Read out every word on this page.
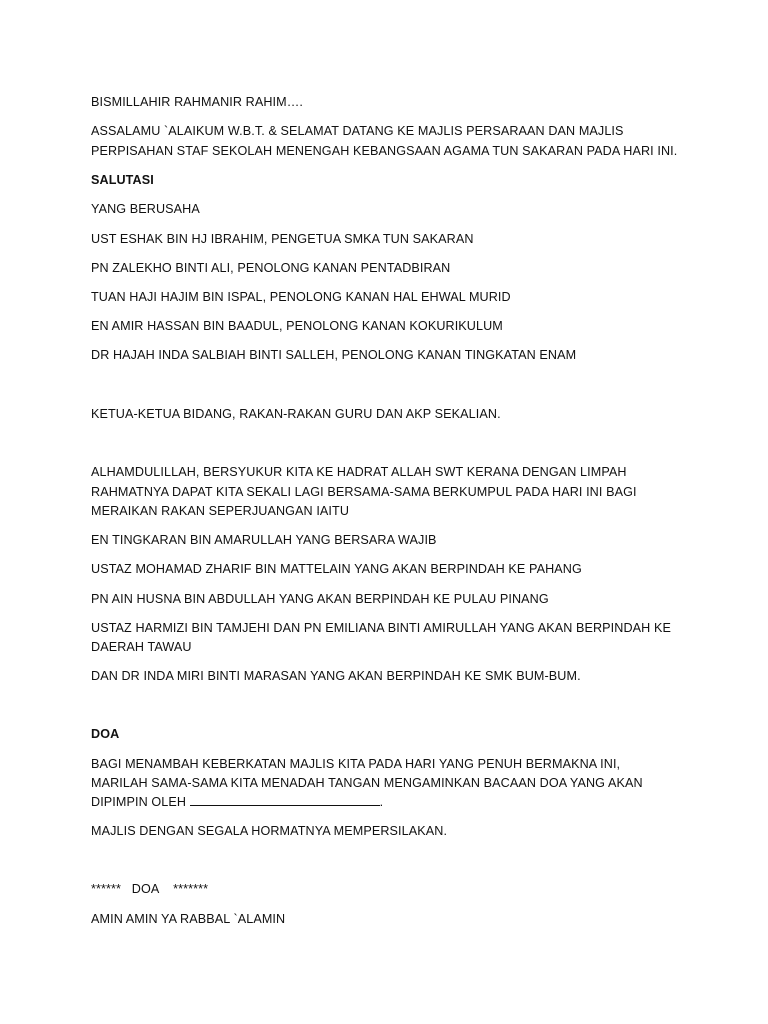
BISMILLAHIR RAHMANIR RAHIM….

ASSALAMU `ALAIKUM W.B.T. & SELAMAT DATANG KE MAJLIS PERSARAAN DAN MAJLIS

PERPISAHAN STAF SEKOLAH MENENGAH KEBANGSAAN AGAMA TUN SAKARAN PADA HARI INI.

SALUTASI

YANG BERUSAHA

UST ESHAK BIN HJ IBRAHIM, PENGETUA SMKA TUN SAKARAN

PN ZALEKHO BINTI ALI, PENOLONG KANAN PENTADBIRAN

TUAN HAJI HAJIM BIN ISPAL, PENOLONG KANAN HAL EHWAL MURID

EN AMIR HASSAN BIN BAADUL, PENOLONG KANAN KOKURIKULUM

DR HAJAH INDA SALBIAH BINTI SALLEH, PENOLONG KANAN TINGKATAN ENAM

KETUA-KETUA BIDANG, RAKAN-RAKAN GURU DAN AKP SEKALIAN.

ALHAMDULILLAH, BERSYUKUR KITA KE HADRAT ALLAH SWT KERANA DENGAN LIMPAH

RAHMATNYA DAPAT KITA SEKALI LAGI BERSAMA-SAMA BERKUMPUL PADA HARI INI BAGI

MERAIKAN RAKAN SEPERJUANGAN IAITU

EN TINGKARAN BIN AMARULLAH YANG BERSARA WAJIB

USTAZ MOHAMAD ZHARIF BIN MATTELAIN YANG AKAN BERPINDAH KE PAHANG

PN AIN HUSNA BIN ABDULLAH YANG AKAN BERPINDAH KE PULAU PINANG

USTAZ HARMIZI BIN TAMJEHI DAN PN EMILIANA BINTI AMIRULLAH YANG AKAN BERPINDAH KE

DAERAH TAWAU

DAN DR INDA MIRI BINTI MARASAN YANG AKAN BERPINDAH KE SMK BUM-BUM.

DOA

BAGI MENAMBAH KEBERKATAN MAJLIS KITA PADA HARI YANG PENUH BERMAKNA INI,

MARILAH SAMA-SAMA KITA MENADAH TANGAN MENGAMINKAN BACAAN DOA YANG AKAN

DIPIMPIN OLEH	.

MAJLIS DENGAN SEGALA HORMATNYA MEMPERSILAKAN.

******   DOA    *******

AMIN AMIN YA RABBAL `ALAMIN
